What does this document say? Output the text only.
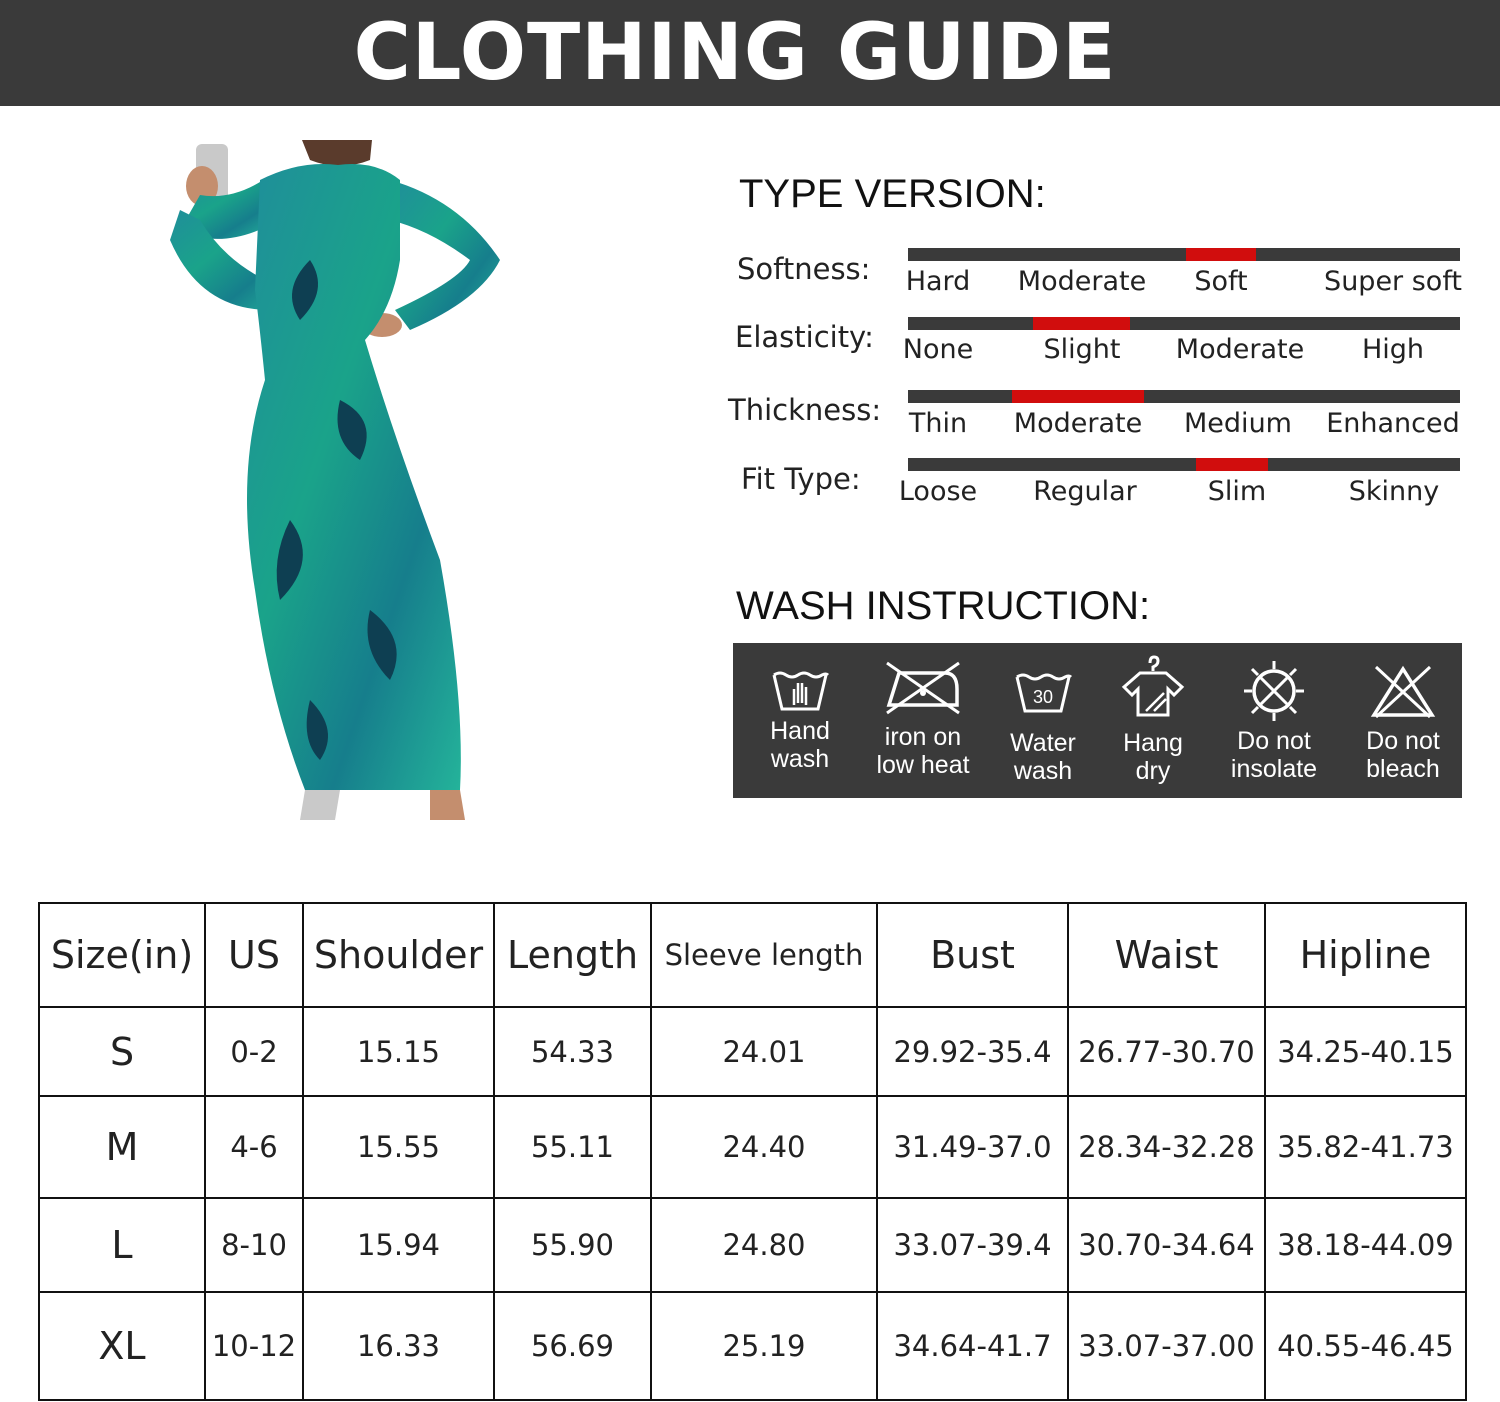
CLOTHING GUIDE
TYPE VERSION:
Softness: Hard Moderate Soft	Super soft
Elasticity: None	Slight Moderate High
Thickness: Thin Moderate Medium Enhanced
Fit Type: Loose Regular	Slim	Skinny
WASH INSTRUCTION:
Hand
wash
iron on
low heat
30
Water
wash
Hang
dry
Do not
insolate
Do not
bleach
Size(in)	US	Shoulder	Length	Sleeve length	Bust	Waist	Hipline
S	0-2	15.15	54.33	24.01	29.92-35.4	26.77-30.70	34.25-40.15
M	4-6	15.55	55.11	24.40	31.49-37.0	28.34-32.28	35.82-41.73
L	8-10	15.94	55.90	24.80	33.07-39.4	30.70-34.64	38.18-44.09
XL	10-12	16.33	56.69	25.19	34.64-41.7	33.07-37.00	40.55-46.45
